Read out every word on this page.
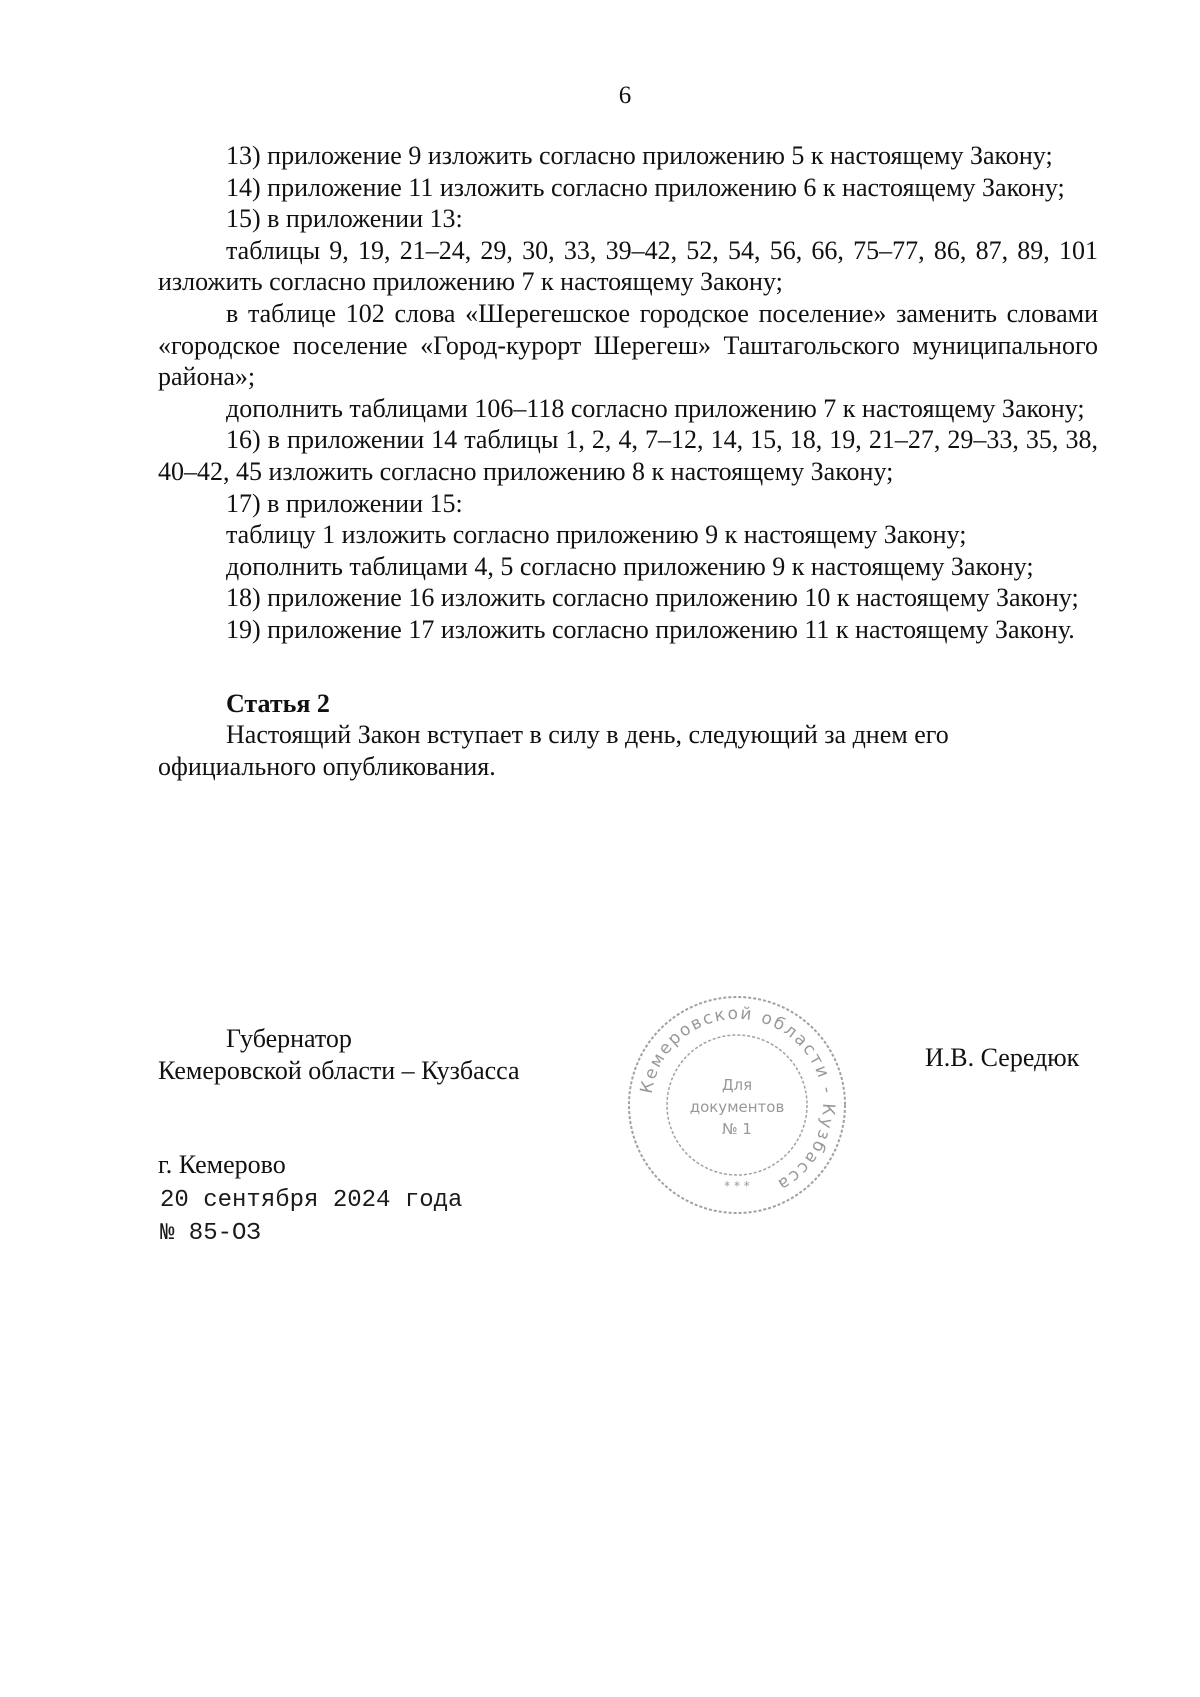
6

13) приложение 9 изложить согласно приложению 5 к настоящему Закону;

14) приложение 11 изложить согласно приложению 6 к настоящему Закону;

15) в приложении 13:

таблицы 9, 19, 21–24, 29, 30, 33, 39–42, 52, 54, 56, 66, 75–77, 86, 87, 89, 101 изложить согласно приложению 7 к настоящему Закону;

в таблице 102 слова «Шерегешское городское поселение» заменить словами «городское поселение «Город-курорт Шерегеш» Таштагольского муниципального района»;

дополнить таблицами 106–118 согласно приложению 7 к настоящему Закону;

16) в приложении 14 таблицы 1, 2, 4, 7–12, 14, 15, 18, 19, 21–27, 29–33, 35, 38, 40–42, 45 изложить согласно приложению 8 к настоящему Закону;

17) в приложении 15:

таблицу 1 изложить согласно приложению 9 к настоящему Закону;

дополнить таблицами 4, 5 согласно приложению 9 к настоящему Закону;

18) приложение 16 изложить согласно приложению 10 к настоящему Закону;

19) приложение 17 изложить согласно приложению 11 к настоящему Закону.

Статья 2

Настоящий Закон вступает в силу в день, следующий за днем его официального опубликования.

Губернатор
Кемеровской области – Кузбасса
Кемеровской области - Кузбасса
Для
документов
№ 1
* * *
И.В. Середюк
г. Кемерово
20 сентября 2024 года
№ 85-ОЗ
